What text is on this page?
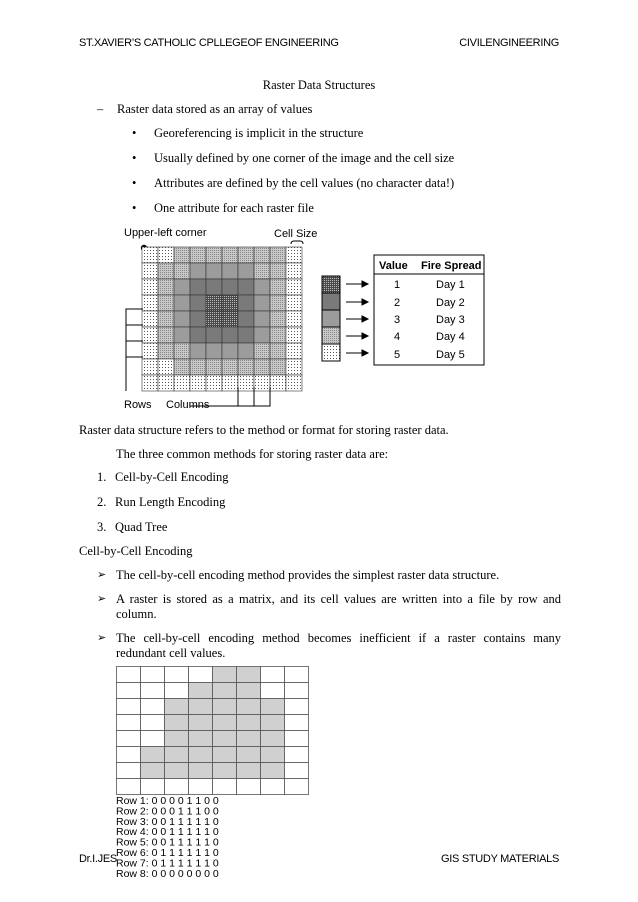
ST.XAVIER’S CATHOLIC CPLLEGEOF ENGINEERING	CIVILENGINEERING
Raster Data Structures
– Raster data stored as an array of values
• Georeferencing is implicit in the structure
• Usually defined by one corner of the image and the cell size
• Attributes are defined by the cell values (no character data!)
• One attribute for each raster file
Upper-left corner	Cell Size
Rows Columns
Value Fire Spread
1	Day 1
2	Day 2
3	Day 3
4	Day 4
5	Day 5
Raster data structure refers to the method or format for storing raster data.
The three common methods for storing raster data are:
1. Cell-by-Cell Encoding
2. Run Length Encoding
3. Quad Tree
Cell-by-Cell Encoding
➢ The cell-by-cell encoding method provides the simplest raster data structure.
➢ A raster is stored as a matrix, and its cell values are written into a file by row and column.
➢ The cell-by-cell encoding method becomes inefficient if a raster contains many redundant cell values.
Row 1: 0 0 0 0 1 1 0 0
Row 2: 0 0 0 1 1 1 0 0
Row 3: 0 0 1 1 1 1 1 0
Row 4: 0 0 1 1 1 1 1 0
Row 5: 0 0 1 1 1 1 1 0
Row 6: 0 1 1 1 1 1 1 0
Row 7: 0 1 1 1 1 1 1 0
Row 8: 0 0 0 0 0 0 0 0
Dr.I.JES	GIS STUDY MATERIALS
